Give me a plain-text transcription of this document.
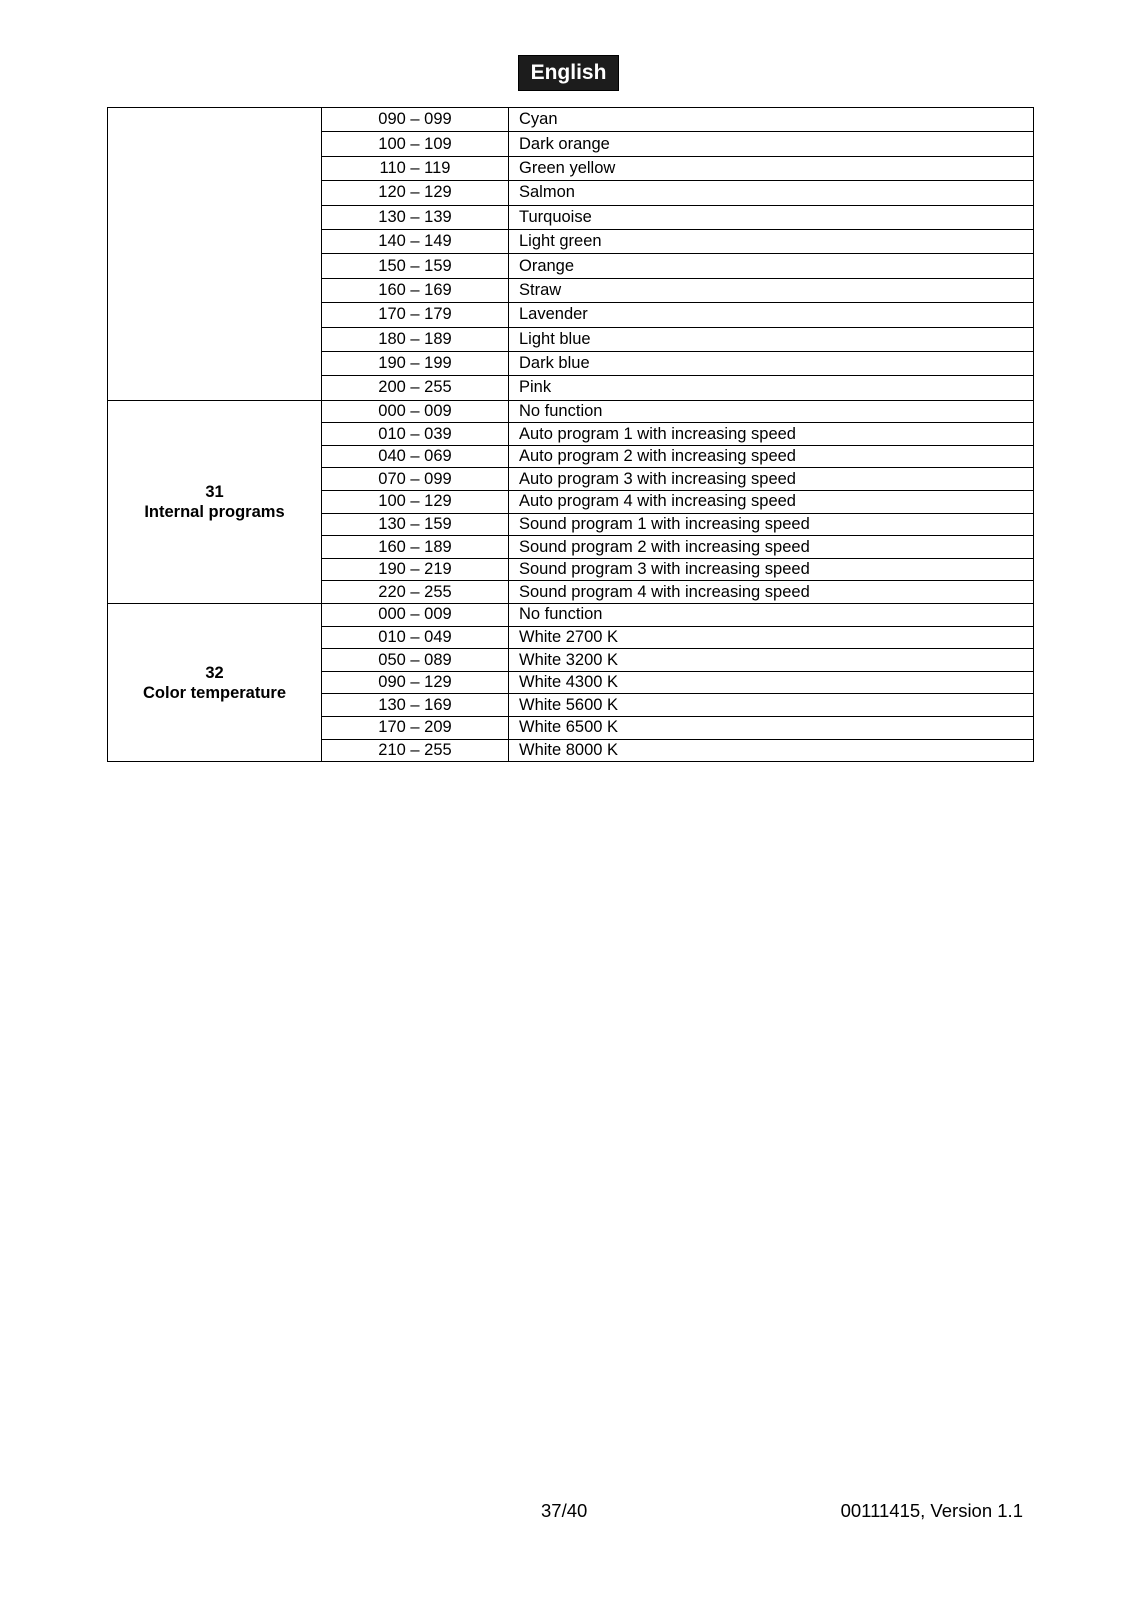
English
	090 – 099	Cyan
	100 – 109	Dark orange
	110 – 119	Green yellow
	120 – 129	Salmon
	130 – 139	Turquoise
	140 – 149	Light green
	150 – 159	Orange
	160 – 169	Straw
	170 – 179	Lavender
	180 – 189	Light blue
	190 – 199	Dark blue
	200 – 255	Pink

31
Internal programs	000 – 009	No function
	010 – 039	Auto program 1 with increasing speed
	040 – 069	Auto program 2 with increasing speed
	070 – 099	Auto program 3 with increasing speed
	100 – 129	Auto program 4 with increasing speed
	130 – 159	Sound program 1 with increasing speed
	160 – 189	Sound program 2 with increasing speed
	190 – 219	Sound program 3 with increasing speed
	220 – 255	Sound program 4 with increasing speed

32
Color temperature	000 – 009	No function
	010 – 049	White 2700 K
	050 – 089	White 3200 K
	090 – 129	White 4300 K
	130 – 169	White 5600 K
	170 – 209	White 6500 K
	210 – 255	White 8000 K
37/40	00111415, Version 1.1
